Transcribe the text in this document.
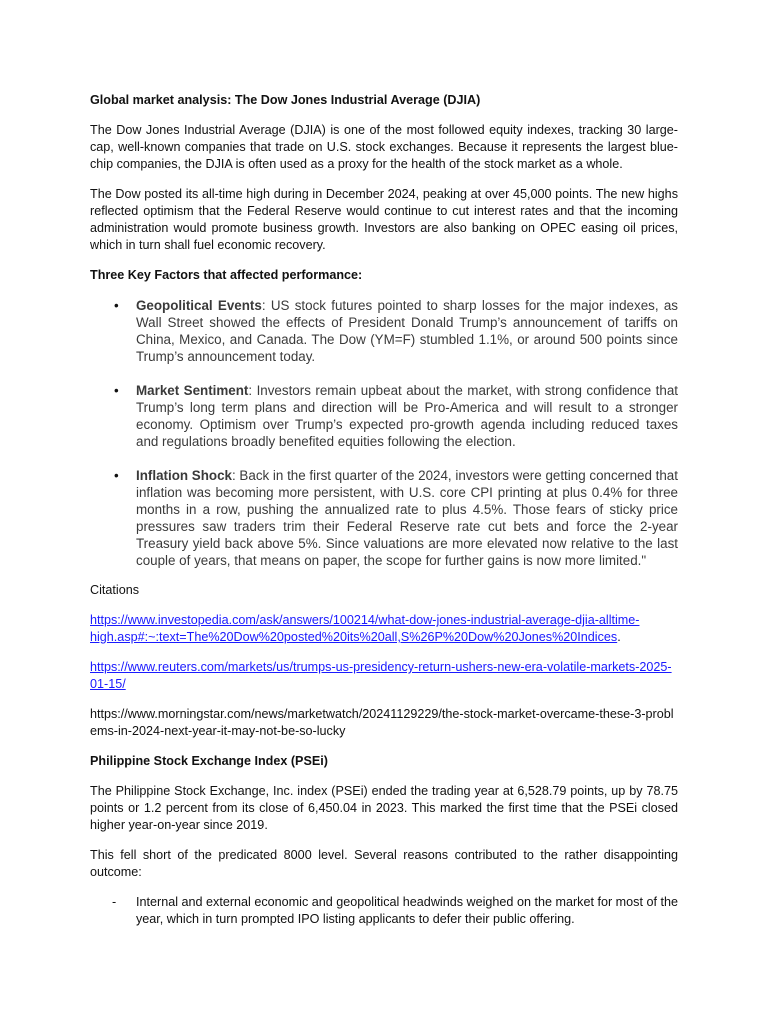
Global market analysis: The Dow Jones Industrial Average (DJIA)

The Dow Jones Industrial Average (DJIA) is one of the most followed equity indexes, tracking 30 large-cap, well-known companies that trade on U.S. stock exchanges. Because it represents the largest blue-chip companies, the DJIA is often used as a proxy for the health of the stock market as a whole.

The Dow posted its all-time high during in December 2024, peaking at over 45,000 points. The new highs reflected optimism that the Federal Reserve would continue to cut interest rates and that the incoming administration would promote business growth. Investors are also banking on OPEC easing oil prices, which in turn shall fuel economic recovery.

Three Key Factors that affected performance:

• Geopolitical Events: US stock futures pointed to sharp losses for the major indexes, as Wall Street showed the effects of President Donald Trump’s announcement of tariffs on China, Mexico, and Canada. The Dow (YM=F) stumbled 1.1%, or around 500 points since Trump’s announcement today.
• Market Sentiment: Investors remain upbeat about the market, with strong confidence that Trump’s long term plans and direction will be Pro-America and will result to a stronger economy. Optimism over Trump’s expected pro-growth agenda including reduced taxes and regulations broadly benefited equities following the election.
• Inflation Shock: Back in the first quarter of the 2024, investors were getting concerned that inflation was becoming more persistent, with U.S. core CPI printing at plus 0.4% for three months in a row, pushing the annualized rate to plus 4.5%. Those fears of sticky price pressures saw traders trim their Federal Reserve rate cut bets and force the 2-year Treasury yield back above 5%. Since valuations are more elevated now relative to the last couple of years, that means on paper, the scope for further gains is now more limited."

Citations

https://www.investopedia.com/ask/answers/100214/what-dow-jones-industrial-average-djia-alltime-
high.asp#:~:text=The%20Dow%20posted%20its%20all,S%26P%20Dow%20Jones%20Indices.

https://www.reuters.com/markets/us/trumps-us-presidency-return-ushers-new-era-volatile-markets-2025-01-15/

https://www.morningstar.com/news/marketwatch/20241129229/the-stock-market-overcame-these-3-problems-in-2024-next-year-it-may-not-be-so-lucky

Philippine Stock Exchange Index (PSEi)

The Philippine Stock Exchange, Inc. index (PSEi) ended the trading year at 6,528.79 points, up by 78.75 points or 1.2 percent from its close of 6,450.04 in 2023. This marked the first time that the PSEi closed higher year-on-year since 2019.

This fell short of the predicated 8000 level. Several reasons contributed to the rather disappointing outcome:

- Internal and external economic and geopolitical headwinds weighed on the market for most of the year, which in turn prompted IPO listing applicants to defer their public offering.
